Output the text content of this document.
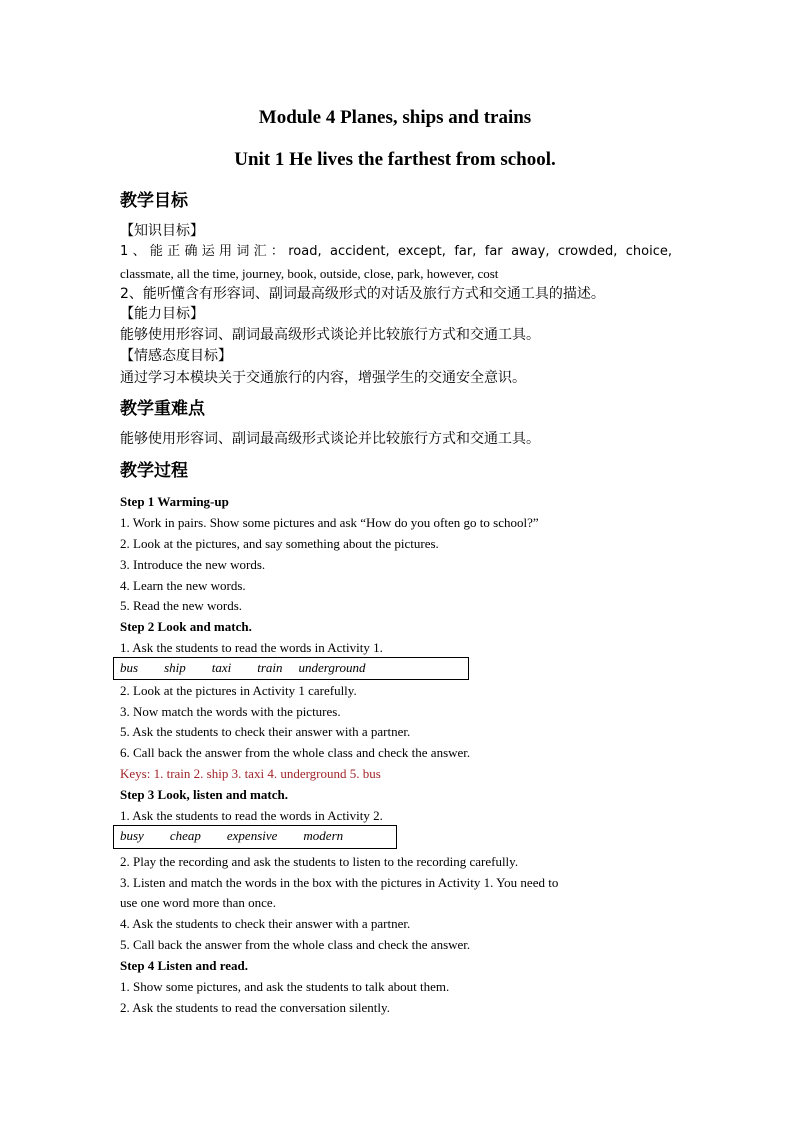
Module 4 Planes, ships and trains
Unit 1 He lives the farthest from school.
教学目标
【知识目标】
1、能正确运用词汇：road, accident, except, far, far away, crowded, choice,
classmate, all the time, journey, book, outside, close, park, however, cost
2、能听懂含有形容词、副词最高级形式的对话及旅行方式和交通工具的描述。
【能力目标】
能够使用形容词、副词最高级形式谈论并比较旅行方式和交通工具。
【情感态度目标】
通过学习本模块关于交通旅行的内容，增强学生的交通安全意识。
教学重难点
能够使用形容词、副词最高级形式谈论并比较旅行方式和交通工具。
教学过程
Step 1 Warming-up
1. Work in pairs. Show some pictures and ask “How do you often go to school?”
2. Look at the pictures, and say something about the pictures.
3. Introduce the new words.
4. Learn the new words.
5. Read the new words.
Step 2 Look and match.
1. Ask the students to read the words in Activity 1.
bus ship taxi train underground
2. Look at the pictures in Activity 1 carefully.
3. Now match the words with the pictures.
5. Ask the students to check their answer with a partner.
6. Call back the answer from the whole class and check the answer.
Keys: 1. train 2. ship 3. taxi 4. underground 5. bus
Step 3 Look, listen and match.
1. Ask the students to read the words in Activity 2.
busy cheap expensive modern
2. Play the recording and ask the students to listen to the recording carefully.
3. Listen and match the words in the box with the pictures in Activity 1. You need to
use one word more than once.
4. Ask the students to check their answer with a partner.
5. Call back the answer from the whole class and check the answer.
Step 4 Listen and read.
1. Show some pictures, and ask the students to talk about them.
2. Ask the students to read the conversation silently.
